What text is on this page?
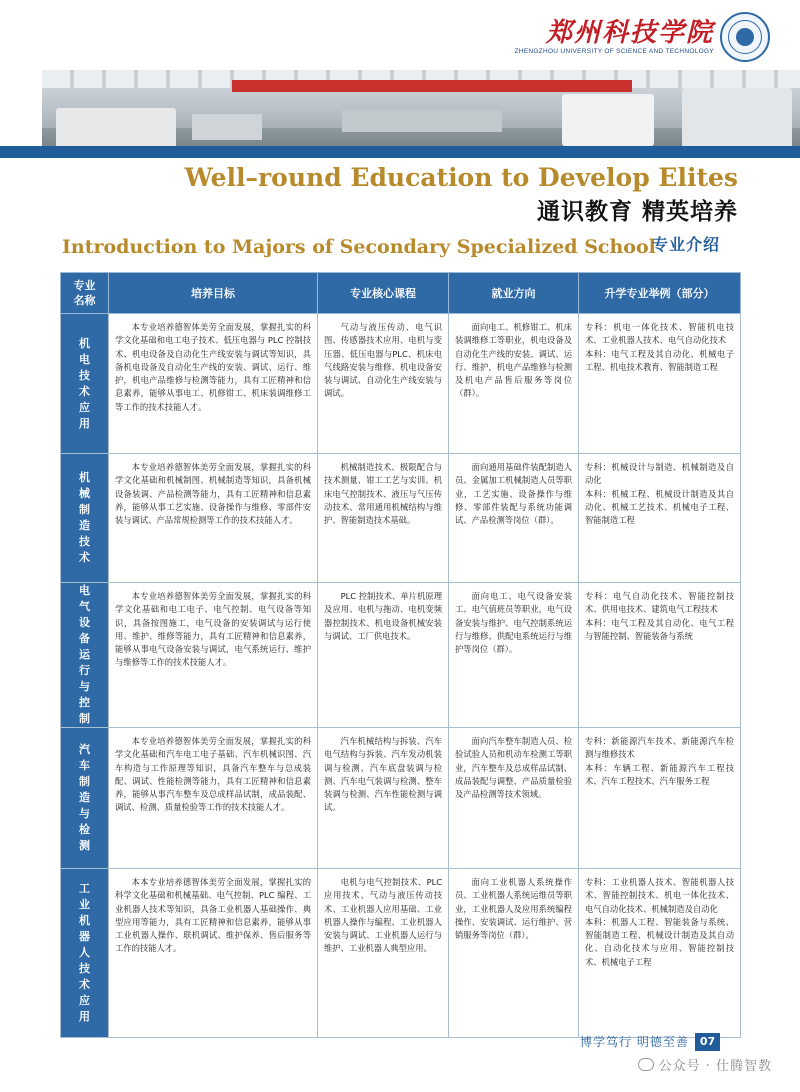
郑州科技学院
ZHENGZHOU UNIVERSITY OF SCIENCE AND TECHNOLOGY
Well–round Education to Develop Elites
通识教育 精英培养
Introduction to Majors of Secondary Specialized School
专业介绍
专业名称	培养目标	专业核心课程	就业方向	升学专业举例（部分）

机电技术应用	本专业培养德智体美劳全面发展，掌握扎实的科学文化基础和电工电子技术、低压电器与 PLC 控制技术、机电设备及自动化生产线安装与调试等知识，具备机电设备及自动化生产线的安装、调试、运行、维护，机电产品维修与检测等能力，具有工匠精神和信息素养，能够从事电工、机修钳工、机床装调维修工等工作的技术技能人才。	气动与液压传动、电气识图、传感器技术应用、电机与变压器、低压电器与PLC、机床电气线路安装与维修、机电设备安装与调试、自动化生产线安装与调试。	面向电工、机修钳工、机床装调维修工等职业，机电设备及自动化生产线的安装、调试、运行、维护，机电产品维修与检测及机电产品售后服务等岗位（群）。	专科：机电一体化技术、智能机电技术、工业机器人技术、电气自动化技术
本科：电气工程及其自动化、机械电子工程、机电技术教育、智能制造工程

机械制造技术	本专业培养德智体美劳全面发展，掌握扎实的科学文化基础和机械制图、机械制造等知识，具备机械设备装调、产品检测等能力，具有工匠精神和信息素养，能够从事工艺实施、设备操作与维修、零部件安装与调试、产品常规检测等工作的技术技能人才。	机械制造技术、极限配合与技术测量、钳工工艺与实训、机床电气控制技术、液压与气压传动技术、常用通用机械结构与维护、智能制造技术基础。	面向通用基础件装配制造人员、金属加工机械制造人员等职业，工艺实施、设备操作与维修、零部件装配与系统功能调试、产品检测等岗位（群）。	专科：机械设计与制造、机械制造及自动化
本科：机械工程、机械设计制造及其自动化、机械工艺技术、机械电子工程、智能制造工程

电气设备运行与控制	本专业培养德智体美劳全面发展，掌握扎实的科学文化基础和电工电子、电气控制、电气设备等知识，具备按图施工，电气设备的安装调试与运行使用、维护、维修等能力，具有工匠精神和信息素养，能够从事电气设备安装与调试，电气系统运行、维护与维修等工作的技术技能人才。	PLC 控制技术、单片机原理及应用、电机与拖动、电机变频器控制技术、机电设备机械安装与调试、工厂供电技术。	面向电工、电气设备安装工、电气值班员等职业，电气设备安装与维护、电气控制系统运行与维修、供配电系统运行与维护等岗位（群）。	专科：电气自动化技术、智能控制技术、供用电技术、建筑电气工程技术
本科：电气工程及其自动化、电气工程与智能控制、智能装备与系统

汽车制造与检测	本专业培养德智体美劳全面发展，掌握扎实的科学文化基础和汽车电工电子基础、汽车机械识图、汽车构造与工作原理等知识，具备汽车整车与总成装配、调试、性能检测等能力，具有工匠精神和信息素养，能够从事汽车整车及总成样品试制，成品装配、调试、检测、质量检验等工作的技术技能人才。	汽车机械结构与拆装、汽车电气结构与拆装、汽车发动机装调与检测、汽车底盘装调与检测、汽车电气装调与检测、整车装调与检测、汽车性能检测与调试。	面向汽车整车制造人员、检验试验人员和机动车检测工等职业，汽车整车及总成样品试制、成品装配与调整、产品质量检验及产品检测等技术领域。	专科：新能源汽车技术、新能源汽车检测与维修技术
本科：车辆工程、新能源汽车工程技术、汽车工程技术、汽车服务工程

工业机器人技术应用	本本专业培养德智体美劳全面发展，掌握扎实的科学文化基础和机械基础、电气控制、PLC 编程、工业机器人技术等知识，具备工业机器人基础操作、典型应用等能力，具有工匠精神和信息素养，能够从事工业机器人操作、联机调试、维护保养、售后服务等工作的技能人才。	电机与电气控制技术、PLC 应用技术、气动与液压传动技术、工业机器人应用基础、工业机器人操作与编程、工业机器人安装与调试、工业机器人运行与维护、工业机器人典型应用。	面向工业机器人系统操作员、工业机器人系统运维员等职业，工业机器人及应用系统编程操作、安装调试、运行维护、营销服务等岗位（群）。	专科：工业机器人技术、智能机器人技术、智能控制技术、机电一体化技术、电气自动化技术、机械制造及自动化
本科：机器人工程、智能装备与系统、智能制造工程、机械设计制造及其自动化、自动化技术与应用、智能控制技术、机械电子工程
博学笃行 明德至善	07
公众号 · 仕腾智教
